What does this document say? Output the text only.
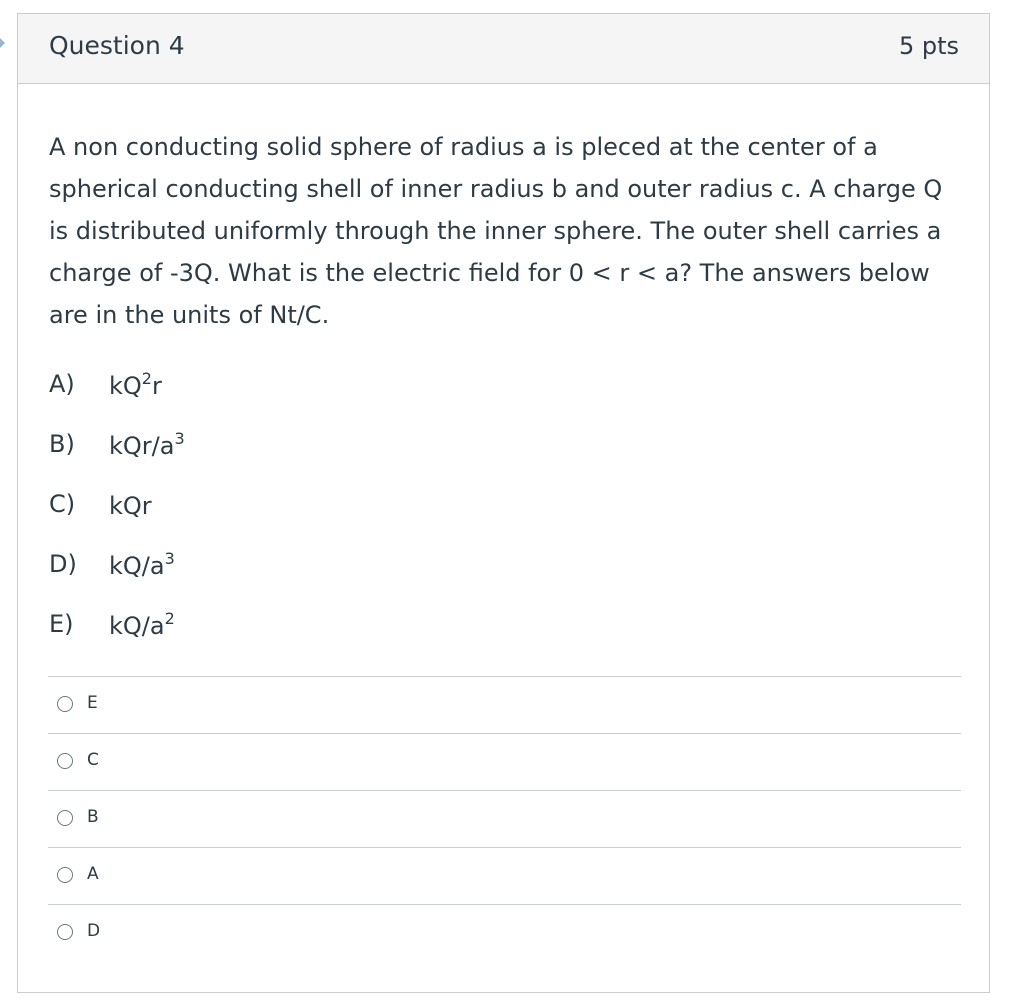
Question 4	5 pts

A non conducting solid sphere of radius a is pleced at the center of a spherical conducting shell of inner radius b and outer radius c. A charge Q is distributed uniformly through the inner sphere. The outer shell carries a charge of -3Q. What is the electric field for 0 < r < a? The answers below are in the units of Nt/C.

A)	$kQ^2r$
B)	kQr/$a^3$
C)	kQr
D)	$kQ/a^3$
E)	$kQ/a^2$
E
C
B
A
D
